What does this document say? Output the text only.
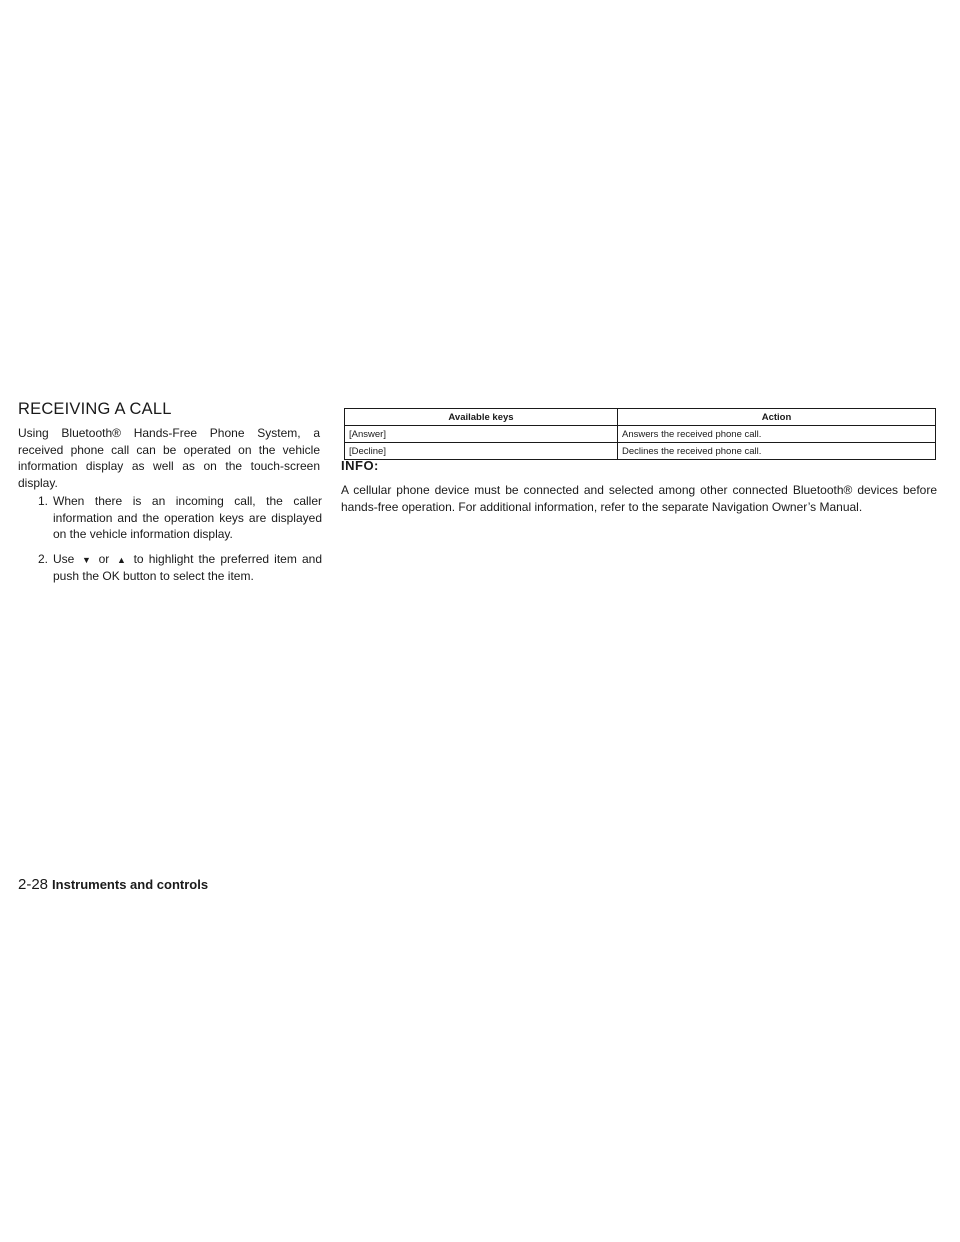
RECEIVING A CALL

Using Bluetooth® Hands-Free Phone System, a received phone call can be operated on the vehicle information display as well as on the touch-screen display.

1. When there is an incoming call, the caller information and the operation keys are displayed on the vehicle information display.
2. Use ▼ or ▲ to highlight the preferred item and push the OK button to select the item.
Available keys	Action
[Answer]	Answers the received phone call.
[Decline]	Declines the received phone call.
INFO:

A cellular phone device must be connected and selected among other connected Bluetooth® devices before hands-free operation. For additional information, refer to the separate Navigation Owner’s Manual.

2-28 Instruments and controls
